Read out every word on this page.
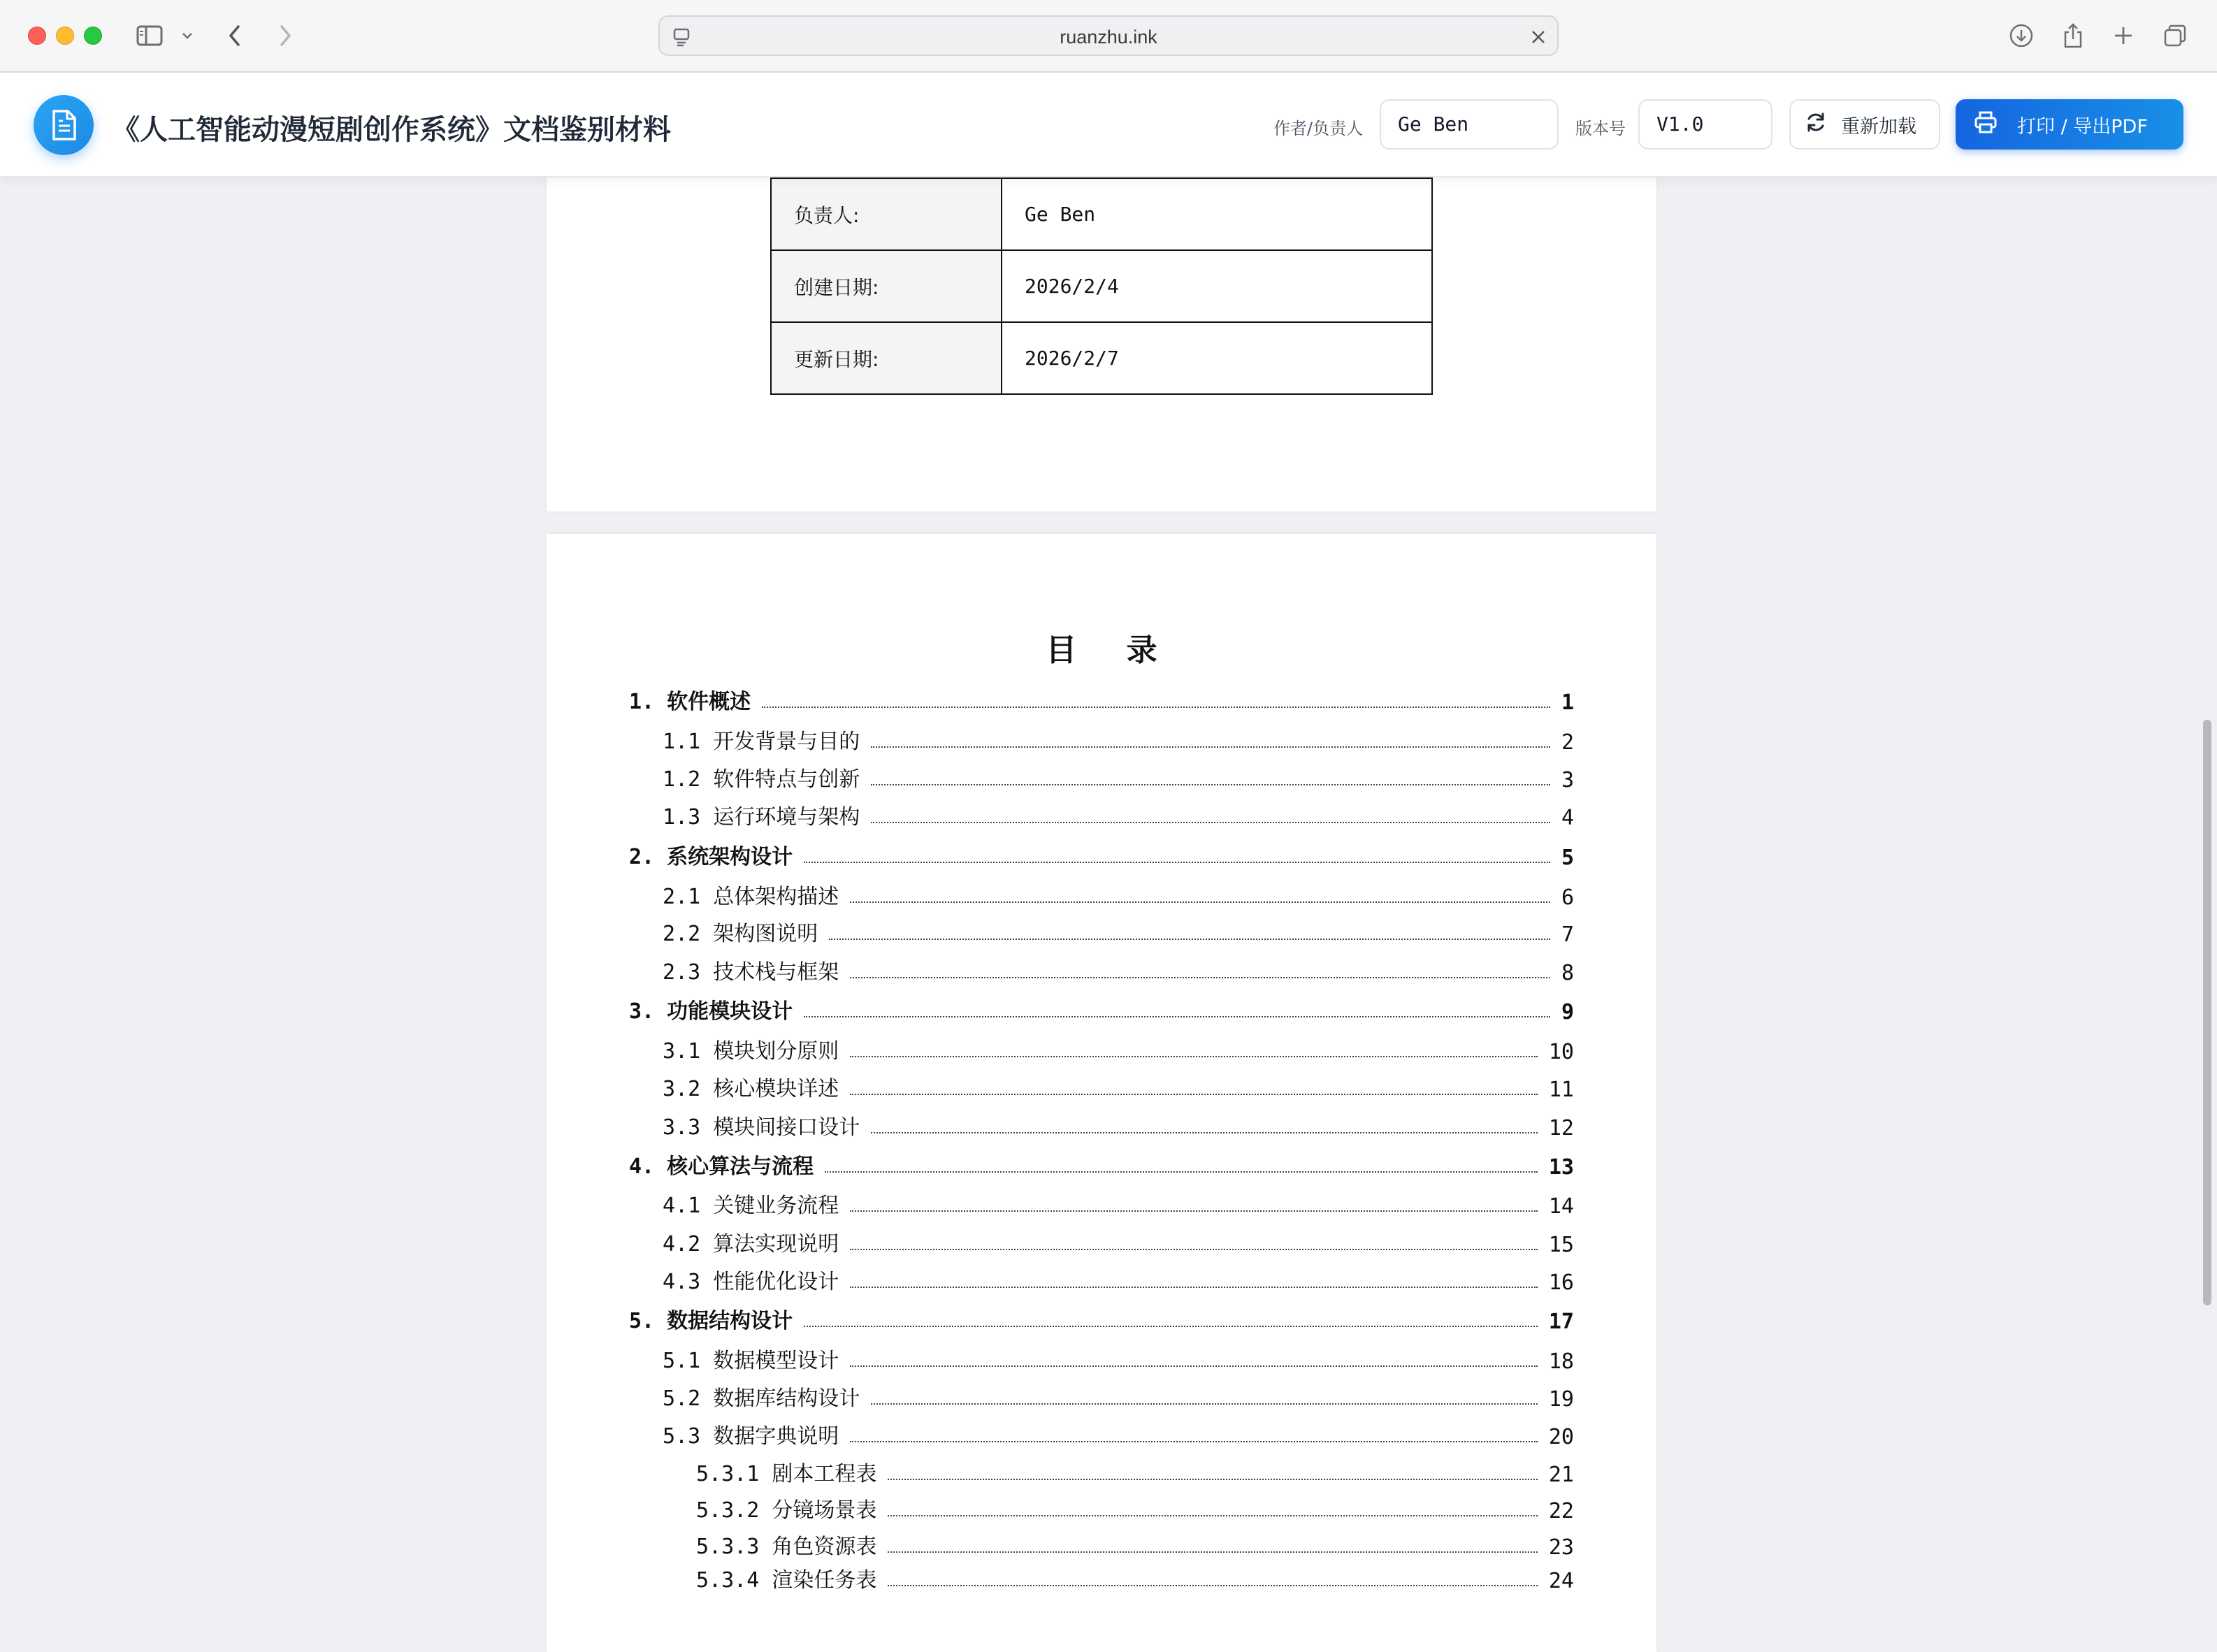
ruanzhu.ink
《人工智能动漫短剧创作系统》文档鉴别材料	作者/负责人	Ge Ben	版本号	V1.0	重新加载	打印 / 导出PDF
负责人:	Ge Ben
创建日期:	2026/2/4
更新日期:	2026/2/7
目 录
1. 软件概述	1
1.1 开发背景与目的	2
1.2 软件特点与创新	3
1.3 运行环境与架构	4
2. 系统架构设计	5
2.1 总体架构描述	6
2.2 架构图说明	7
2.3 技术栈与框架	8
3. 功能模块设计	9
3.1 模块划分原则	10
3.2 核心模块详述	11
3.3 模块间接口设计	12
4. 核心算法与流程	13
4.1 关键业务流程	14
4.2 算法实现说明	15
4.3 性能优化设计	16
5. 数据结构设计	17
5.1 数据模型设计	18
5.2 数据库结构设计	19
5.3 数据字典说明	20
5.3.1 剧本工程表	21
5.3.2 分镜场景表	22
5.3.3 角色资源表	23
5.3.4 渲染任务表	24
